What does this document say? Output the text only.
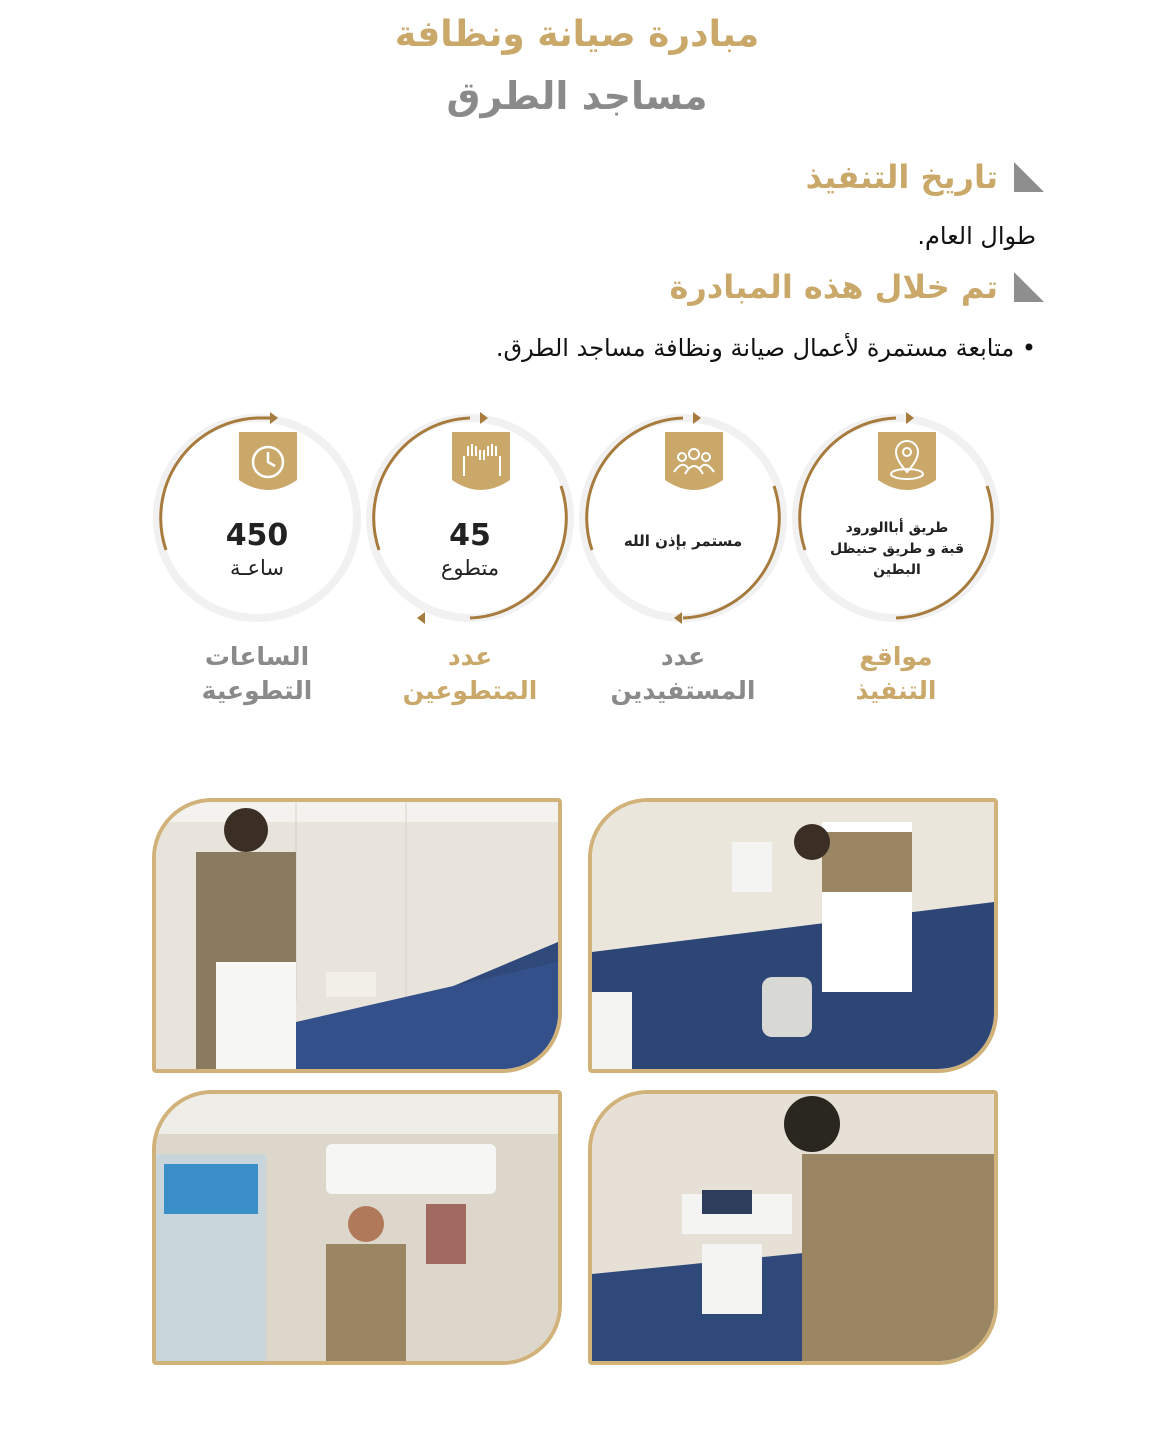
مبادرة صيانة ونظافة
مساجد الطرق
تاريخ التنفيذ
طوال العام.
تم خلال هذه المبادرة
• متابعة مستمرة لأعمال صيانة ونظافة مساجد الطرق.
450
ساعـة
الساعات
التطوعية
45
متطوع
عدد
المتطوعين
مستمر بإذن الله
عدد
المستفيدين
طريق أباالورود
قبة و طريق حنيظل
البطين
مواقع
التنفيذ
